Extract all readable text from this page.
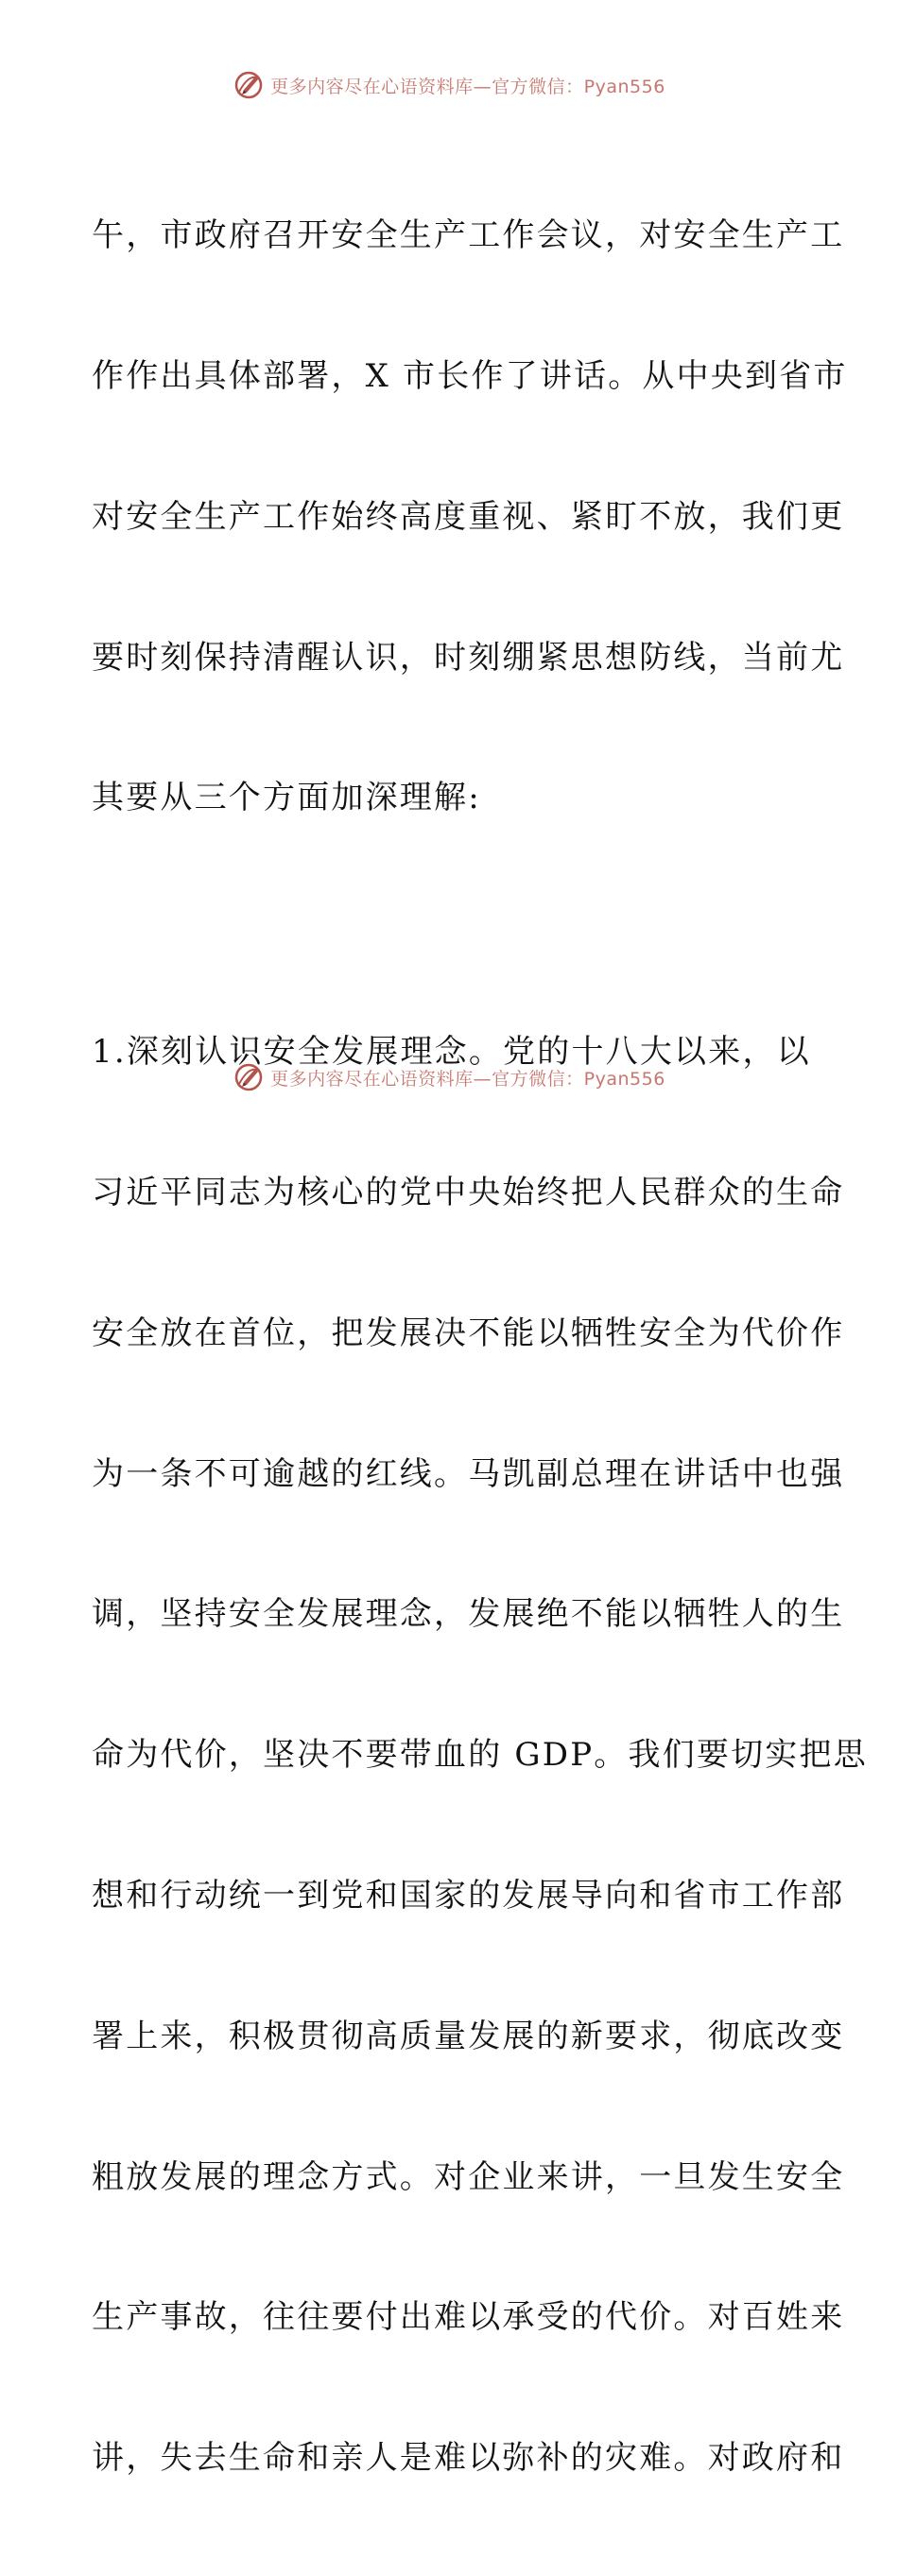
更多内容尽在心语资料库—官方微信：Pyan556

午，市政府召开安全生产工作会议，对安全生产工

作作出具体部署，X 市长作了讲话。从中央到省市

对安全生产工作始终高度重视、紧盯不放，我们更

要时刻保持清醒认识，时刻绷紧思想防线，当前尤

其要从三个方面加深理解:

1.深刻认识安全发展理念。党的十八大以来，以

习近平同志为核心的党中央始终把人民群众的生命

安全放在首位，把发展决不能以牺牲安全为代价作

为一条不可逾越的红线。马凯副总理在讲话中也强

调，坚持安全发展理念，发展绝不能以牺牲人的生

命为代价，坚决不要带血的 GDP。我们要切实把思

想和行动统一到党和国家的发展导向和省市工作部

署上来，积极贯彻高质量发展的新要求，彻底改变

粗放发展的理念方式。对企业来讲，一旦发生安全

生产事故，往往要付出难以承受的代价。对百姓来

讲，失去生命和亲人是难以弥补的灾难。对政府和

更多内容尽在心语资料库—官方微信：Pyan556
